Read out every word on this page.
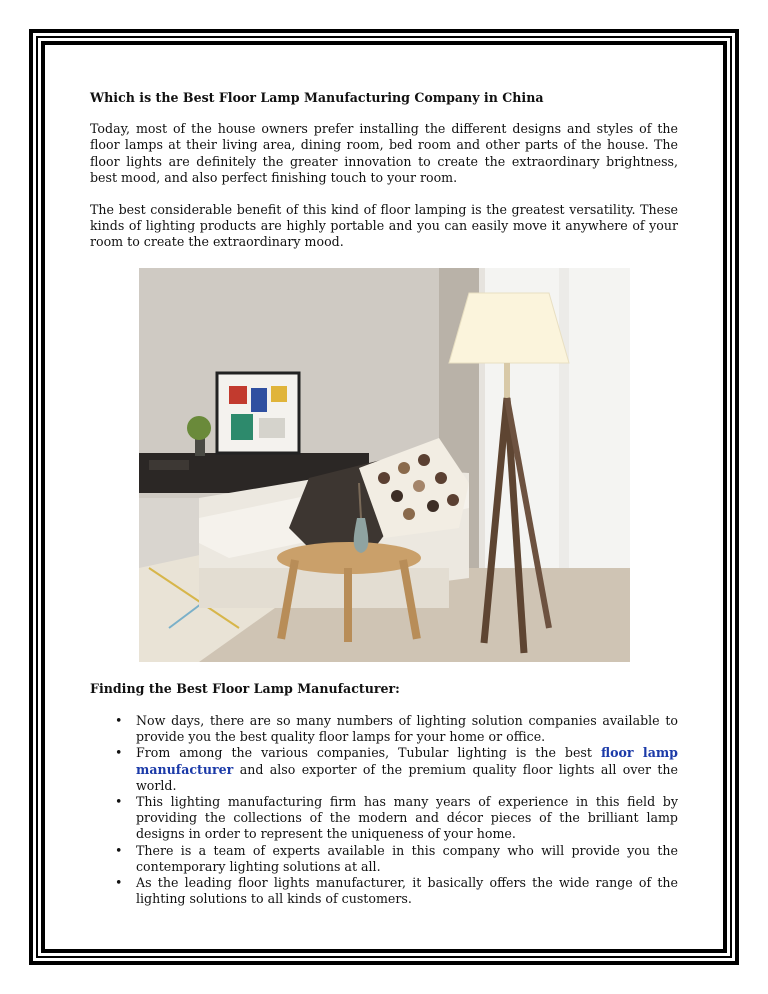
Which is the Best Floor Lamp Manufacturing Company in China

Today, most of the house owners prefer installing the different designs and styles of the floor lamps at their living area, dining room, bed room and other parts of the house. The floor lights are definitely the greater innovation to create the extraordinary brightness, best mood, and also perfect finishing touch to your room.

The best considerable benefit of this kind of floor lamping is the greatest versatility. These kinds of lighting products are highly portable and you can easily move it anywhere of your room to create the extraordinary mood.

Finding the Best Floor Lamp Manufacturer:
• Now days, there are so many numbers of lighting solution companies available to provide you the best quality floor lamps for your home or office.
• From among the various companies, Tubular lighting is the best floor lamp manufacturer and also exporter of the premium quality floor lights all over the world.
• This lighting manufacturing firm has many years of experience in this field by providing the collections of the modern and décor pieces of the brilliant lamp designs in order to represent the uniqueness of your home.
• There is a team of experts available in this company who will provide you the contemporary lighting solutions at all.
• As the leading floor lights manufacturer, it basically offers the wide range of the lighting solutions to all kinds of customers.
